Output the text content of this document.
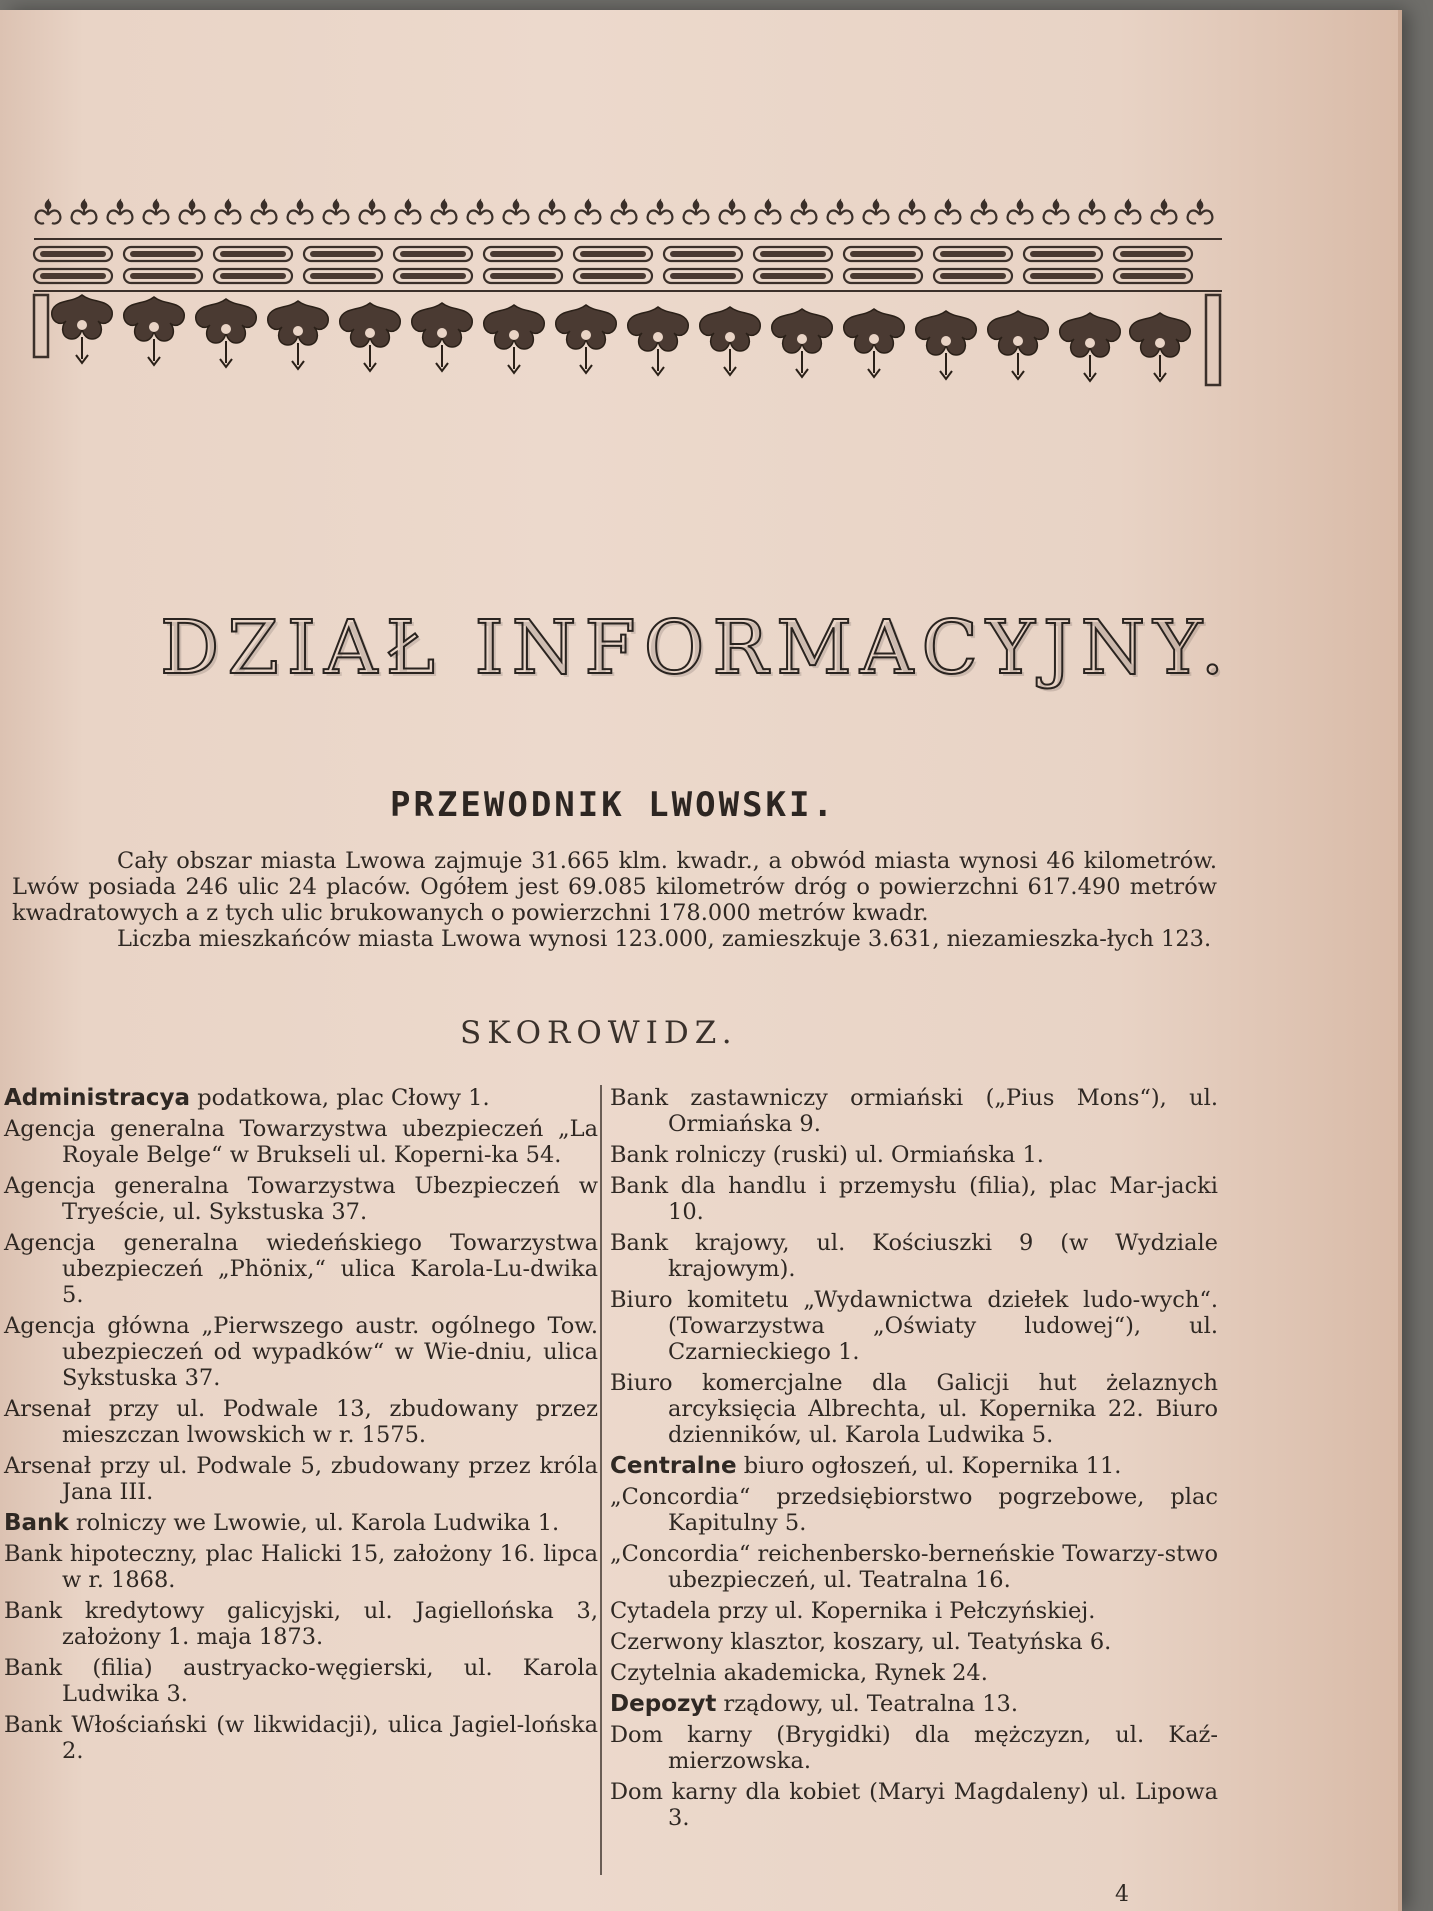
DZIAŁ INFORMACYJNY.
PRZEWODNIK LWOWSKI.

Cały obszar miasta Lwowa zajmuje 31.665 klm. kwadr., a obwód miasta wynosi 46 kilometrów. Lwów posiada 246 ulic 24 placów. Ogółem jest 69.085 kilometrów dróg o powierzchni 617.490 metrów kwadratowych a z tych ulic brukowanych o powierzchni 178.000 metrów kwadr.

Liczba mieszkańców miasta Lwowa wynosi 123.000, zamieszkuje 3.631, niezamieszka-łych 123.

SKOROWIDZ.
Administracya podatkowa, plac Cłowy 1.
Agencja generalna Towarzystwa ubezpieczeń „La Royale Belge“ w Brukseli ul. Koperni-ka 54.
Agencja generalna Towarzystwa Ubezpieczeń w Tryeście, ul. Sykstuska 37.
Agencja generalna wiedeńskiego Towarzystwa ubezpieczeń „Phönix,“ ulica Karola-Lu-dwika 5.
Agencja główna „Pierwszego austr. ogólnego Tow. ubezpieczeń od wypadków“ w Wie-dniu, ulica Sykstuska 37.
Arsenał przy ul. Podwale 13, zbudowany przez mieszczan lwowskich w r. 1575.
Arsenał przy ul. Podwale 5, zbudowany przez króla Jana III.
Bank rolniczy we Lwowie, ul. Karola Ludwika 1.
Bank hipoteczny, plac Halicki 15, założony 16. lipca w r. 1868.
Bank kredytowy galicyjski, ul. Jagiellońska 3, założony 1. maja 1873.
Bank (filia) austryacko-węgierski, ul. Karola Ludwika 3.
Bank Włościański (w likwidacji), ulica Jagiel-lońska 2.
Bank zastawniczy ormiański („Pius Mons“), ul. Ormiańska 9.
Bank rolniczy (ruski) ul. Ormiańska 1.
Bank dla handlu i przemysłu (filia), plac Mar-jacki 10.
Bank krajowy, ul. Kościuszki 9 (w Wydziale krajowym).
Biuro komitetu „Wydawnictwa dziełek ludo-wych“. (Towarzystwa „Oświaty ludowej“), ul. Czarnieckiego 1.
Biuro komercjalne dla Galicji hut żelaznych arcyksięcia Albrechta, ul. Kopernika 22. Biuro dzienników, ul. Karola Ludwika 5.
Centralne biuro ogłoszeń, ul. Kopernika 11.
„Concordia“ przedsiębiorstwo pogrzebowe, plac Kapitulny 5.
„Concordia“ reichenbersko-berneńskie Towarzy-stwo ubezpieczeń, ul. Teatralna 16.
Cytadela przy ul. Kopernika i Pełczyńskiej.
Czerwony klasztor, koszary, ul. Teatyńska 6.
Czytelnia akademicka, Rynek 24.
Depozyt rządowy, ul. Teatralna 13.
Dom karny (Brygidki) dla mężczyzn, ul. Kaź-mierzowska.
Dom karny dla kobiet (Maryi Magdaleny) ul. Lipowa 3.
4
